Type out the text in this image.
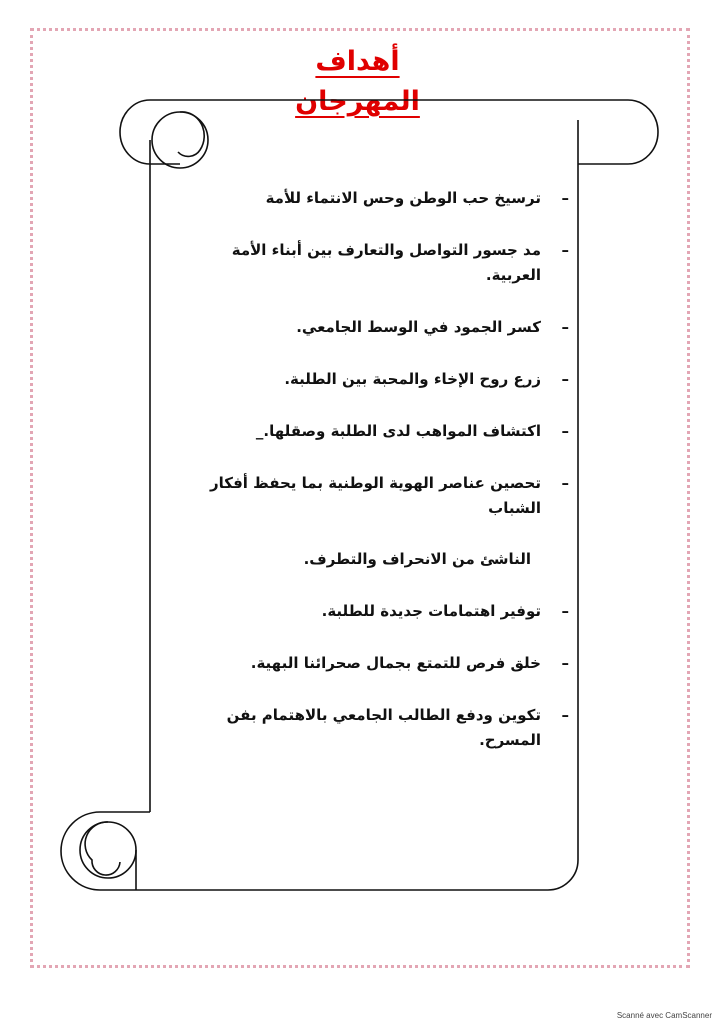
أهداف المهرجان
–
ترسيخ حب الوطن وحس الانتماء للأمة
–
مد جسور التواصل والتعارف بين أبناء الأمة العربية.
–
كسر الجمود في الوسط الجامعي.
–
زرع روح الإخاء والمحبة بين الطلبة.
–
اكتشاف المواهب لدى الطلبة وصقلها._
–
تحصين عناصر الهوية الوطنية بما يحفظ أفكار الشباب
الناشئ من الانحراف والتطرف.
–
توفير اهتمامات جديدة للطلبة.
–
خلق فرص للتمتع بجمال صحرائنا البهية.
–
تكوين ودفع الطالب الجامعي بالاهتمام بفن المسرح.
Scanné avec CamScanner
